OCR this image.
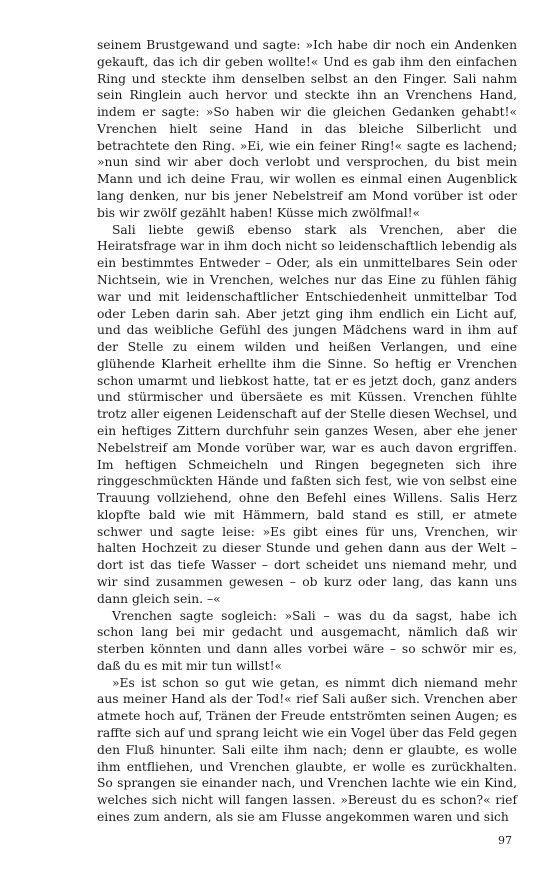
seinem Brustgewand und sagte: »Ich habe dir noch ein Andenken gekauft, das ich dir geben wollte!« Und es gab ihm den einfachen Ring und steckte ihm denselben selbst an den Finger. Sali nahm sein Ringlein auch hervor und steckte ihn an Vrenchens Hand, indem er sagte: »So haben wir die gleichen Gedanken gehabt!« Vrenchen hielt seine Hand in das bleiche Silberlicht und betrachtete den Ring. »Ei, wie ein feiner Ring!« sagte es lachend; »nun sind wir aber doch verlobt und versprochen, du bist mein Mann und ich deine Frau, wir wollen es einmal einen Augenblick lang denken, nur bis jener Nebelstreif am Mond vorüber ist oder bis wir zwölf gezählt haben! Küsse mich zwölfmal!«

Sali liebte gewiß ebenso stark als Vrenchen, aber die Heiratsfrage war in ihm doch nicht so leidenschaftlich lebendig als ein bestimmtes Entweder – Oder, als ein unmittelbares Sein oder Nichtsein, wie in Vrenchen, welches nur das Eine zu fühlen fähig war und mit leidenschaftlicher Entschiedenheit unmittelbar Tod oder Leben darin sah. Aber jetzt ging ihm endlich ein Licht auf, und das weibliche Gefühl des jungen Mädchens ward in ihm auf der Stelle zu einem wilden und heißen Verlangen, und eine glühende Klarheit erhellte ihm die Sinne. So heftig er Vrenchen schon umarmt und liebkost hatte, tat er es jetzt doch, ganz anders und stürmischer und übersäete es mit Küssen. Vrenchen fühlte trotz aller eigenen Leidenschaft auf der Stelle diesen Wechsel, und ein heftiges Zittern durchfuhr sein ganzes Wesen, aber ehe jener Nebelstreif am Monde vorüber war, war es auch davon ergriffen. Im heftigen Schmeicheln und Ringen begegneten sich ihre ringgeschmückten Hände und faßten sich fest, wie von selbst eine Trauung vollziehend, ohne den Befehl eines Willens. Salis Herz klopfte bald wie mit Hämmern, bald stand es still, er atmete schwer und sagte leise: »Es gibt eines für uns, Vrenchen, wir halten Hochzeit zu dieser Stunde und gehen dann aus der Welt – dort ist das tiefe Wasser – dort scheidet uns niemand mehr, und wir sind zusammen gewesen – ob kurz oder lang, das kann uns dann gleich sein. –«

Vrenchen sagte sogleich: »Sali – was du da sagst, habe ich schon lang bei mir gedacht und ausgemacht, nämlich daß wir sterben könnten und dann alles vorbei wäre – so schwör mir es, daß du es mit mir tun willst!«

»Es ist schon so gut wie getan, es nimmt dich niemand mehr aus meiner Hand als der Tod!« rief Sali außer sich. Vrenchen aber atmete hoch auf, Tränen der Freude entströmten seinen Augen; es raffte sich auf und sprang leicht wie ein Vogel über das Feld gegen den Fluß hinunter. Sali eilte ihm nach; denn er glaubte, es wolle ihm entfliehen, und Vrenchen glaubte, er wolle es zurückhalten. So sprangen sie einander nach, und Vrenchen lachte wie ein Kind, welches sich nicht will fangen lassen. »Bereust du es schon?« rief eines zum andern, als sie am Flusse angekommen waren und sich

97
